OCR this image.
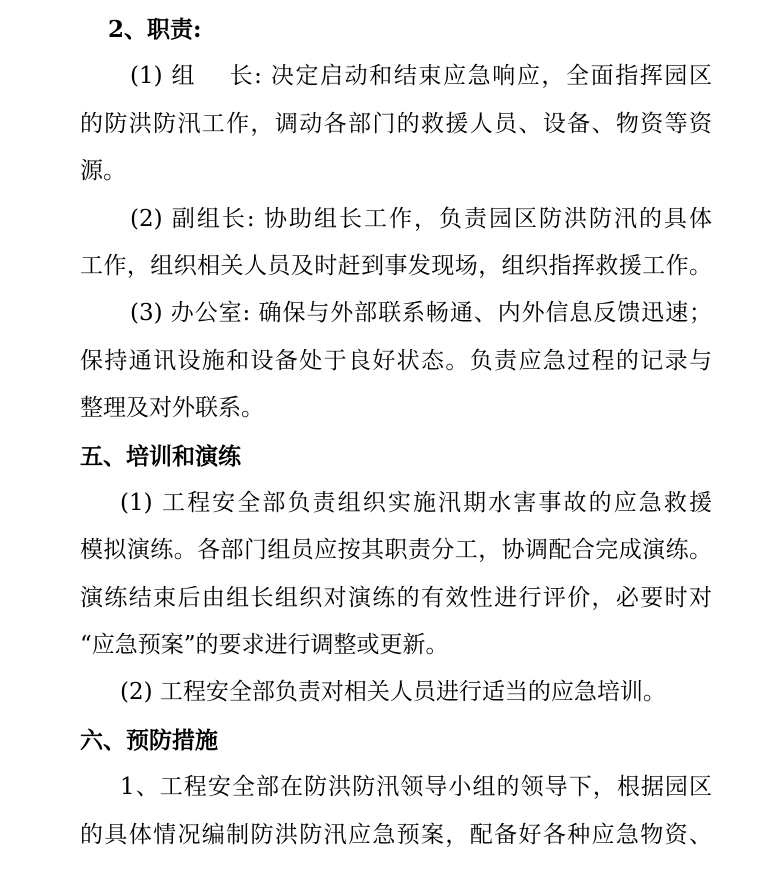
2、职责:
(1) 组　 长: 决定启动和结束应急响应，全面指挥园区
的防洪防汛工作，调动各部门的救援人员、设备、物资等资
源。
(2) 副组长: 协助组长工作，负责园区防洪防汛的具体
工作，组织相关人员及时赶到事发现场，组织指挥救援工作。
(3) 办公室: 确保与外部联系畅通、内外信息反馈迅速；
保持通讯设施和设备处于良好状态。负责应急过程的记录与
整理及对外联系。
五、培训和演练
(1) 工程安全部负责组织实施汛期水害事故的应急救援
模拟演练。各部门组员应按其职责分工，协调配合完成演练。
演练结束后由组长组织对演练的有效性进行评价，必要时对
“应急预案”的要求进行调整或更新。
(2) 工程安全部负责对相关人员进行适当的应急培训。
六、预防措施
1、工程安全部在防洪防汛领导小组的领导下，根据园区
的具体情况编制防洪防汛应急预案，配备好各种应急物资、
